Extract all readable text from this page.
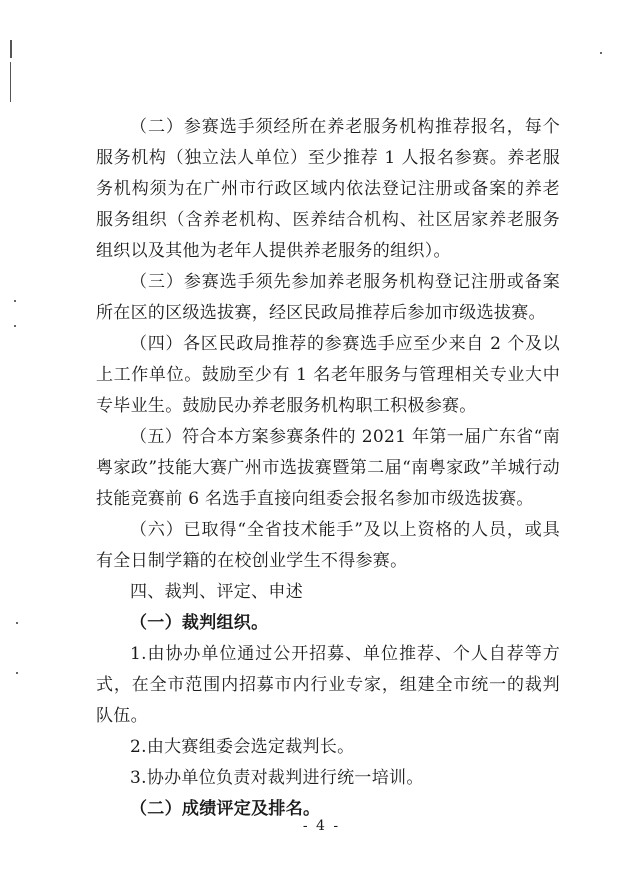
（二）参赛选手须经所在养老服务机构推荐报名，每个服务机构（独立法人单位）至少推荐 1 人报名参赛。养老服务机构须为在广州市行政区域内依法登记注册或备案的养老服务组织（含养老机构、医养结合机构、社区居家养老服务组织以及其他为老年人提供养老服务的组织）。

（三）参赛选手须先参加养老服务机构登记注册或备案所在区的区级选拔赛，经区民政局推荐后参加市级选拔赛。

（四）各区民政局推荐的参赛选手应至少来自 2 个及以上工作单位。鼓励至少有 1 名老年服务与管理相关专业大中专毕业生。鼓励民办养老服务机构职工积极参赛。

（五）符合本方案参赛条件的 2021 年第一届广东省“南粤家政”技能大赛广州市选拔赛暨第二届“南粤家政”羊城行动技能竞赛前 6 名选手直接向组委会报名参加市级选拔赛。

（六）已取得“全省技术能手”及以上资格的人员，或具有全日制学籍的在校创业学生不得参赛。

四、裁判、评定、申述

（一）裁判组织。

1.由协办单位通过公开招募、单位推荐、个人自荐等方式，在全市范围内招募市内行业专家，组建全市统一的裁判队伍。

2.由大赛组委会选定裁判长。

3.协办单位负责对裁判进行统一培训。

（二）成绩评定及排名。

- 4 -
